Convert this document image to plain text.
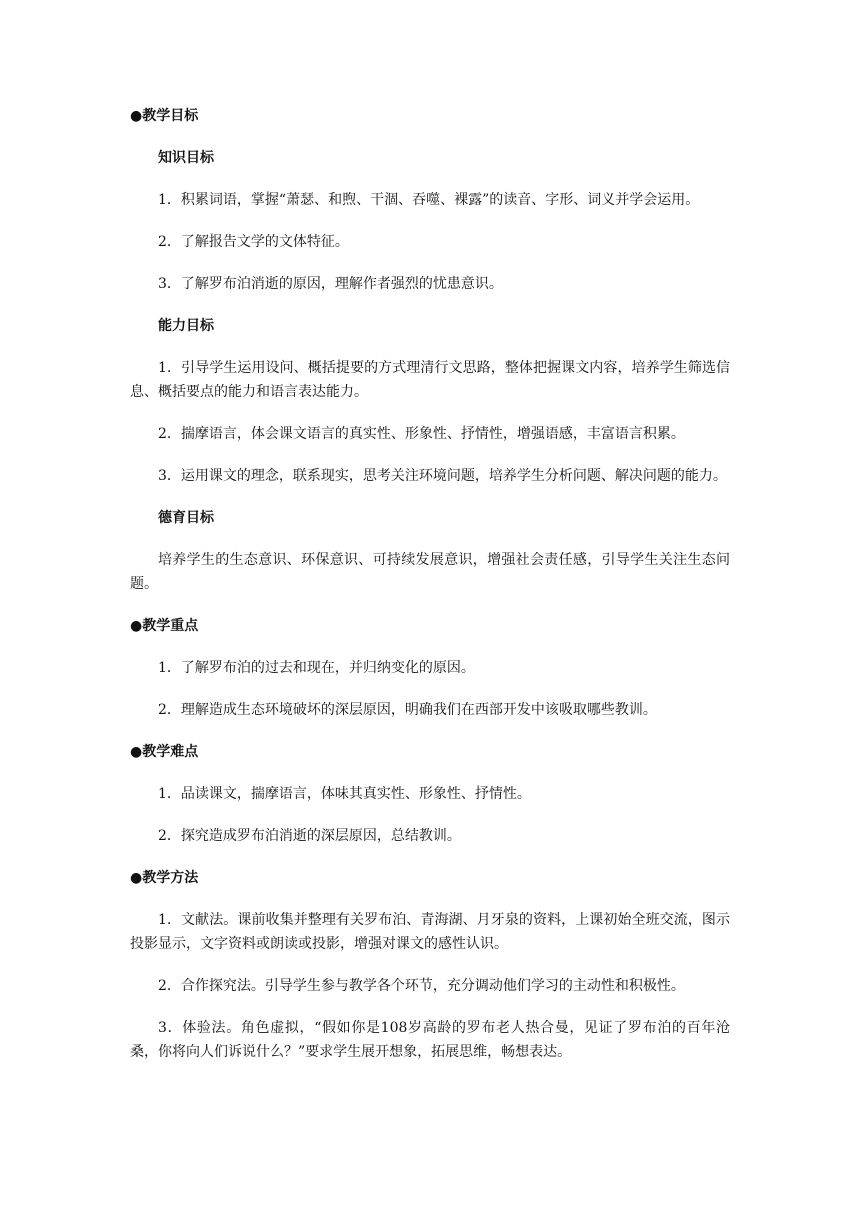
●教学目标
知识目标

1．积累词语，掌握“萧瑟、和煦、干涸、吞噬、裸露”的读音、字形、词义并学会运用。

2．了解报告文学的文体特征。

3．了解罗布泊消逝的原因，理解作者强烈的忧患意识。

能力目标

1．引导学生运用设问、概括提要的方式理清行文思路，整体把握课文内容，培养学生筛选信息、概括要点的能力和语言表达能力。

2．揣摩语言，体会课文语言的真实性、形象性、抒情性，增强语感，丰富语言积累。

3．运用课文的理念，联系现实，思考关注环境问题，培养学生分析问题、解决问题的能力。

德育目标

培养学生的生态意识、环保意识、可持续发展意识，增强社会责任感，引导学生关注生态问题。

●教学重点

1．了解罗布泊的过去和现在，并归纳变化的原因。

2．理解造成生态环境破坏的深层原因，明确我们在西部开发中该吸取哪些教训。

●教学难点

1．品读课文，揣摩语言，体味其真实性、形象性、抒情性。

2．探究造成罗布泊消逝的深层原因，总结教训。

●教学方法

1．文献法。课前收集并整理有关罗布泊、青海湖、月牙泉的资料，上课初始全班交流，图示投影显示，文字资料或朗读或投影，增强对课文的感性认识。

2．合作探究法。引导学生参与教学各个环节，充分调动他们学习的主动性和积极性。

3．体验法。角色虚拟，“假如你是108岁高龄的罗布老人热合曼，见证了罗布泊的百年沧桑，你将向人们诉说什么？”要求学生展开想象，拓展思维，畅想表达。
